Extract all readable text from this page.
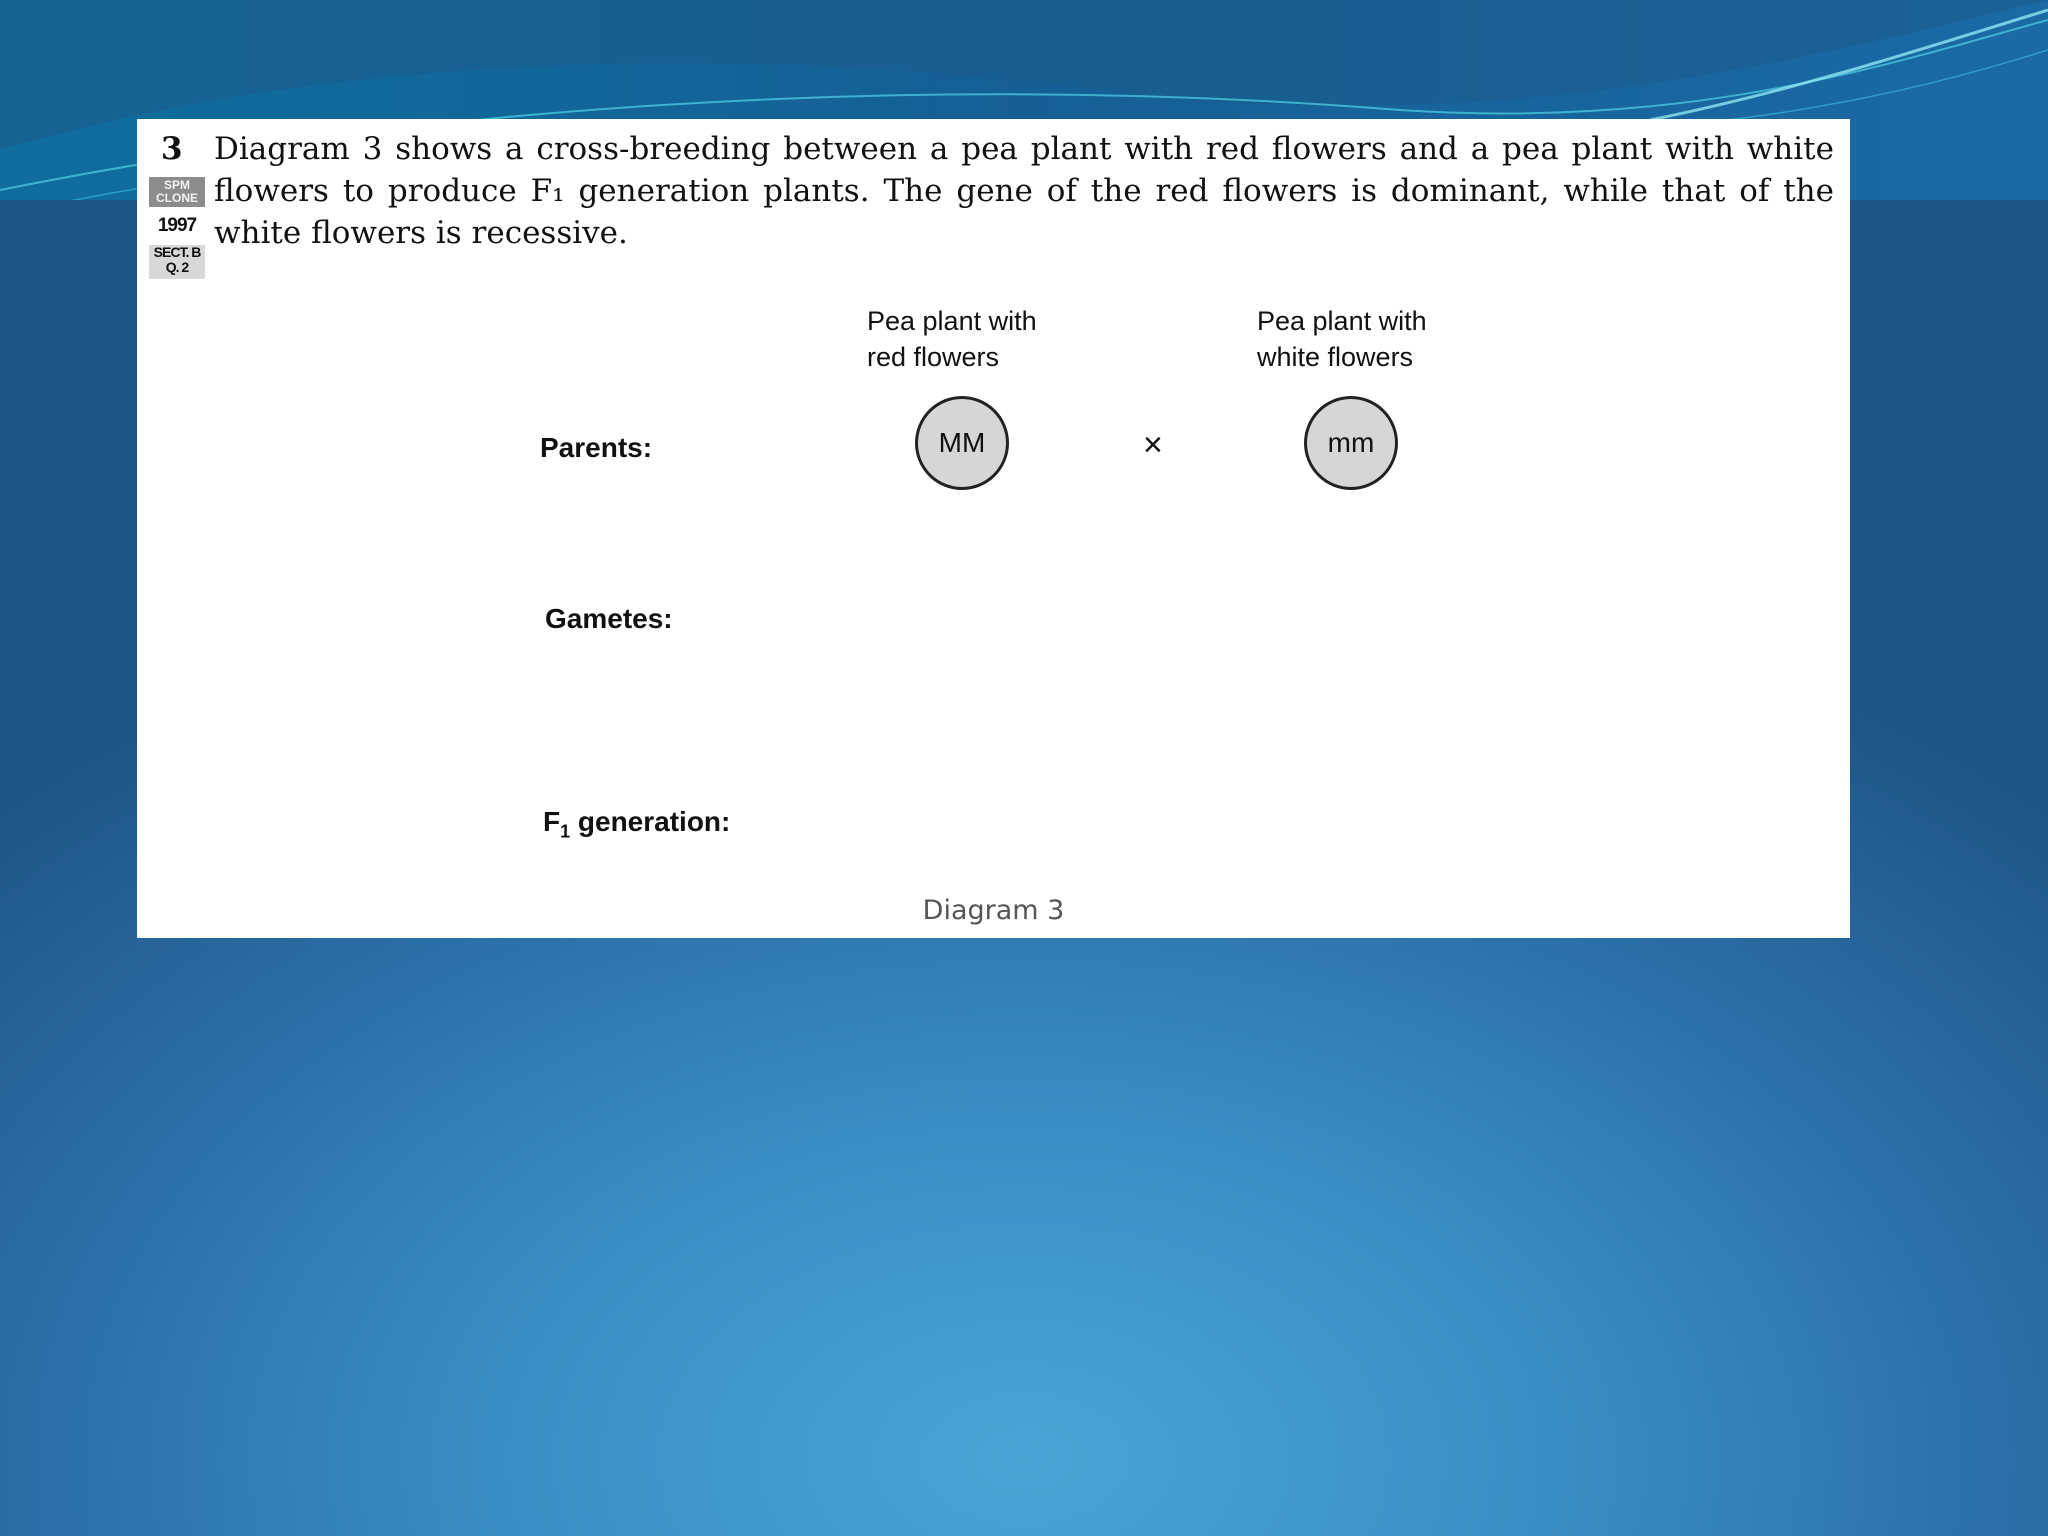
3
SPM CLONE
1997
SECT. B
Q. 2

Diagram 3 shows a cross-breeding between a pea plant with red flowers and a pea plant with white flowers to produce F₁ generation plants. The gene of the red flowers is dominant, while that of the white flowers is recessive.

Pea plant with
red flowers
Pea plant with
white flowers
Parents:	MM	×	mm
Gametes:
$F_1$ generation:
Diagram 3
